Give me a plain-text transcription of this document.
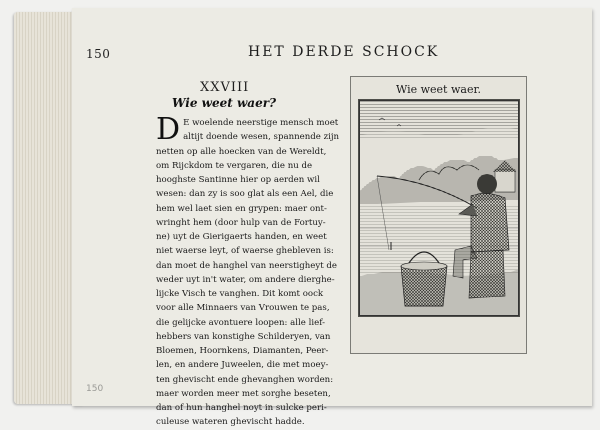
150	HET DERDE SCHOCK
XXVIII
Wie weet waer?
D E woelende neerstige mensch moet
altijt doende wesen, spannende zijn
netten op alle hoecken van de Wereldt,
om Rijckdom te vergaren, die nu de
hooghste Santinne hier op aerden wil
wesen: dan zy is soo glat als een Ael, die
hem wel laet sien en grypen: maer ont-
wringht hem (door hulp van de Fortuy-
ne) uyt de Gierigaerts handen, en weet
niet waerse leyt, of waerse ghebleven is:
dan moet de hanghel van neerstigheyt de
weder uyt in't water, om andere dierghe-
lijcke Visch te vanghen. Dit komt oock
voor alle Minnaers van Vrouwen te pas,
die gelijcke avontuere loopen: alle lief-
hebbers van konstighe Schilderyen, van
Bloemen, Hoornkens, Diamanten, Peer-
len, en andere Juweelen, die met moey-
ten ghevischt ende ghevanghen worden:
maer worden meer met sorghe beseten,
dan of hun hanghel noyt in sulcke peri-
culeuse wateren ghevischt hadde.
Wie weet waer.
150
